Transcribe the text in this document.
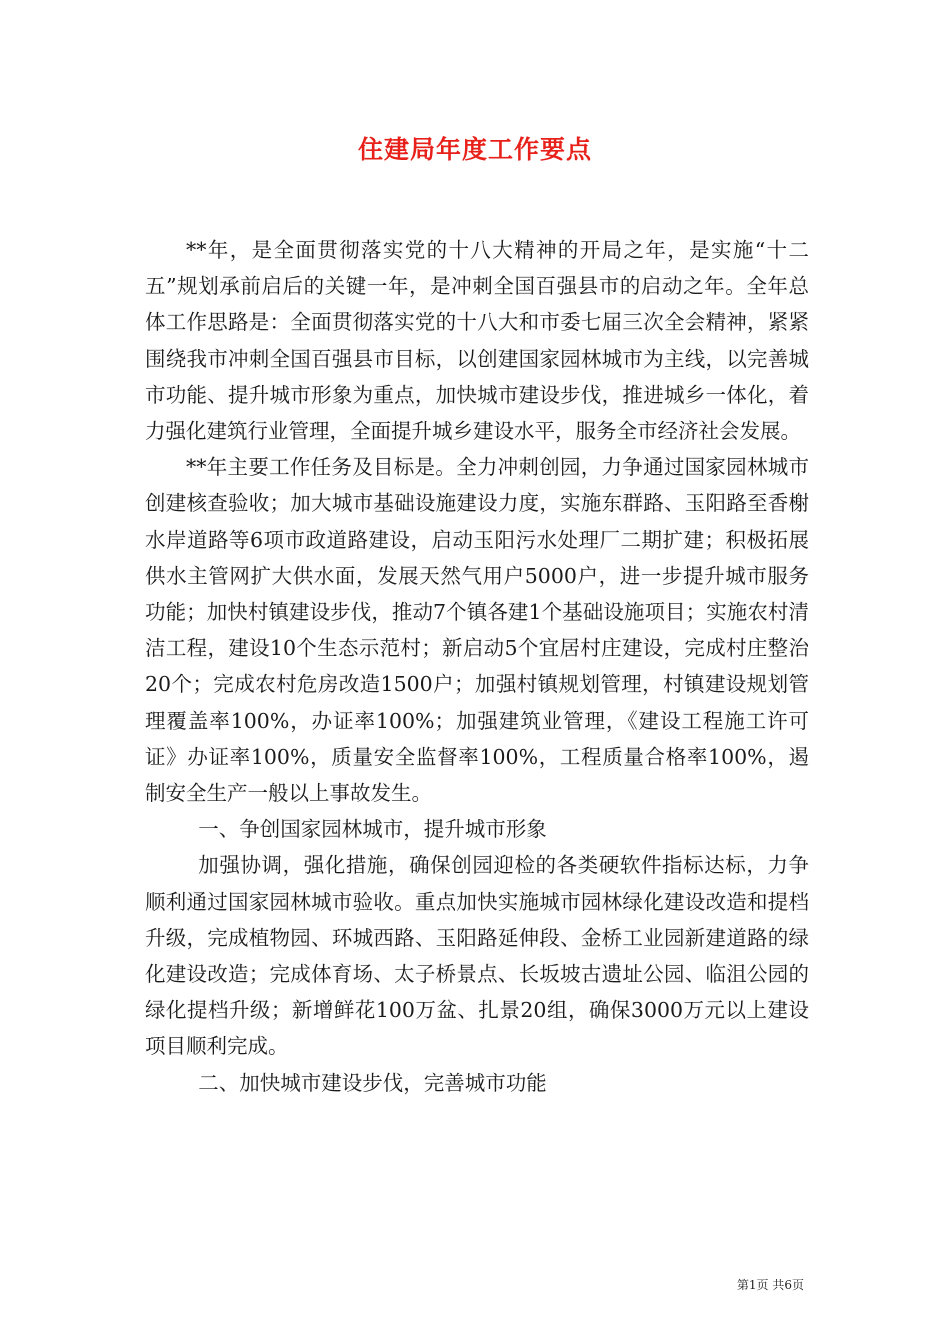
住建局年度工作要点

**年，是全面贯彻落实党的十八大精神的开局之年，是实施“十二五”规划承前启后的关键一年，是冲刺全国百强县市的启动之年。全年总体工作思路是：全面贯彻落实党的十八大和市委七届三次全会精神，紧紧围绕我市冲刺全国百强县市目标，以创建国家园林城市为主线，以完善城市功能、提升城市形象为重点，加快城市建设步伐，推进城乡一体化，着力强化建筑行业管理，全面提升城乡建设水平，服务全市经济社会发展。

**年主要工作任务及目标是。全力冲刺创园，力争通过国家园林城市创建核查验收；加大城市基础设施建设力度，实施东群路、玉阳路至香榭水岸道路等6项市政道路建设，启动玉阳污水处理厂二期扩建；积极拓展供水主管网扩大供水面，发展天然气用户5000户，进一步提升城市服务功能；加快村镇建设步伐，推动7个镇各建1个基础设施项目；实施农村清洁工程，建设10个生态示范村；新启动5个宜居村庄建设，完成村庄整治20个；完成农村危房改造1500户；加强村镇规划管理，村镇建设规划管理覆盖率100%，办证率100%；加强建筑业管理，《建设工程施工许可证》办证率100%，质量安全监督率100%，工程质量合格率100%，遏制安全生产一般以上事故发生。

一、争创国家园林城市，提升城市形象

加强协调，强化措施，确保创园迎检的各类硬软件指标达标，力争顺利通过国家园林城市验收。重点加快实施城市园林绿化建设改造和提档升级，完成植物园、环城西路、玉阳路延伸段、金桥工业园新建道路的绿化建设改造；完成体育场、太子桥景点、长坂坡古遗址公园、临沮公园的绿化提档升级；新增鲜花100万盆、扎景20组，确保3000万元以上建设项目顺利完成。

二、加快城市建设步伐，完善城市功能

第1页 共6页
